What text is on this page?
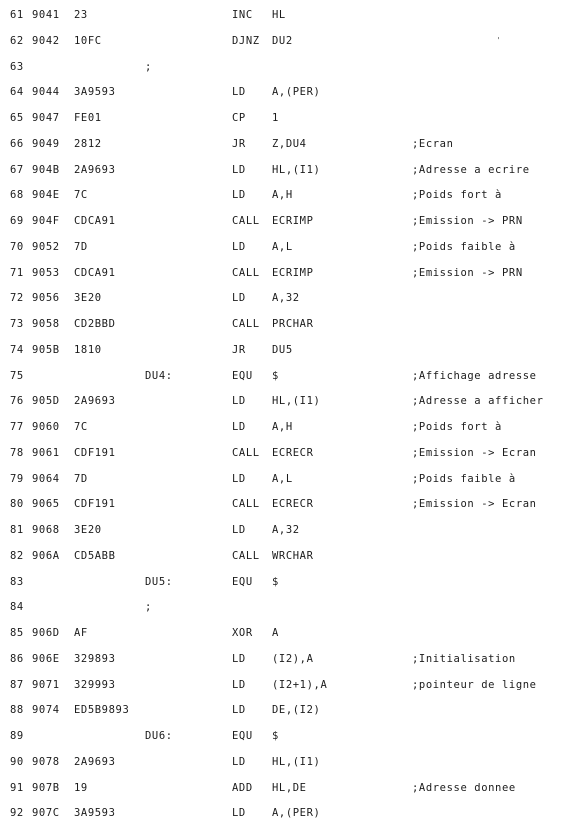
61 9041 23	INC HL
62 9042 10FC	DJNZ DU2
63	;
64 9044 3A9593	LD A,(PER)
65 9047 FE01	CP 1
66 9049 2812	JR Z,DU4	;Ecran
67 904B 2A9693	LD HL,(I1)	;Adresse a ecrire
68 904E 7C	LD A,H	;Poids fort à
69 904F CDCA91	CALL ECRIMP	;Emission -> PRN
70 9052 7D	LD A,L	;Poids faible à
71 9053 CDCA91	CALL ECRIMP	;Emission -> PRN
72 9056 3E20	LD A,32
73 9058 CD2BBD	CALL PRCHAR
74 905B 1810	JR DU5
75	DU4:	EQU $	;Affichage adresse
76 905D 2A9693	LD HL,(I1)	;Adresse a afficher
77 9060 7C	LD A,H	;Poids fort à
78 9061 CDF191	CALL ECRECR	;Emission -> Ecran
79 9064 7D	LD A,L	;Poids faible à
80 9065 CDF191	CALL ECRECR	;Emission -> Ecran
81 9068 3E20	LD A,32
82 906A CD5ABB	CALL WRCHAR
83	DU5:	EQU $
84	;
85 906D AF	XOR A
86 906E 329893	LD (I2),A	;Initialisation
87 9071 329993	LD (I2+1),A	;pointeur de ligne
88 9074 ED5B9893	LD DE,(I2)
89	DU6:	EQU $
90 9078 2A9693	LD HL,(I1)
91 907B 19	ADD HL,DE	;Adresse donnee
92 907C 3A9593	LD A,(PER)
'
